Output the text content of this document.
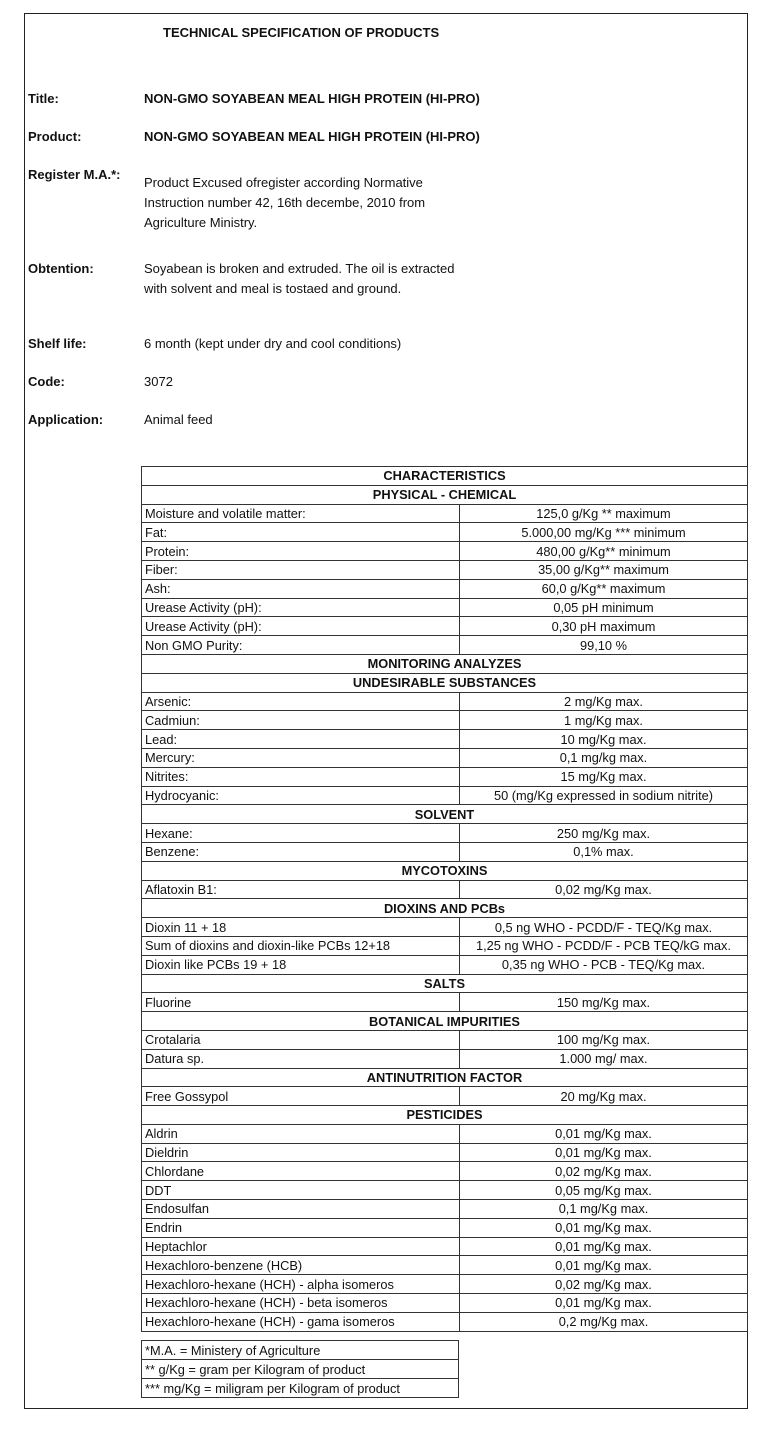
TECHNICAL SPECIFICATION OF PRODUCTS
Title:	NON-GMO SOYABEAN MEAL HIGH PROTEIN (HI-PRO)
Product:	NON-GMO SOYABEAN MEAL HIGH PROTEIN (HI-PRO)
Register M.A.*:
Product Excused ofregister according Normative
Instruction number 42, 16th decembe, 2010 from
Agriculture Ministry.
Obtention:	Soyabean is broken and extruded. The oil is extracted
with solvent and meal is tostaed and ground.
Shelf life:	6 month (kept under dry and cool conditions)
Code:	3072
Application:	Animal feed
CHARACTERISTICS	
PHYSICAL - CHEMICAL	
Moisture and volatile matter:	125,0 g/Kg ** maximum
Fat:	5.000,00 mg/Kg *** minimum
Protein:	480,00 g/Kg** minimum
Fiber:	35,00 g/Kg** maximum
Ash:	60,0 g/Kg** maximum
Urease Activity (pH):	0,05 pH minimum
Urease Activity (pH):	0,30 pH maximum
Non GMO Purity:	99,10 %
MONITORING ANALYZES	
UNDESIRABLE SUBSTANCES	
Arsenic:	2 mg/Kg max.
Cadmiun:	1 mg/Kg max.
Lead:	10 mg/Kg max.
Mercury:	0,1 mg/kg max.
Nitrites:	15 mg/Kg max.
Hydrocyanic:	50 (mg/Kg expressed in sodium nitrite)
SOLVENT	
Hexane:	250 mg/Kg max.
Benzene:	0,1% max.
MYCOTOXINS	
Aflatoxin B1:	0,02 mg/Kg max.
DIOXINS AND PCBs	
Dioxin 11 + 18	0,5 ng WHO - PCDD/F - TEQ/Kg max.
Sum of dioxins and dioxin-like PCBs 12+18	1,25 ng WHO - PCDD/F - PCB TEQ/kG max.
Dioxin like PCBs 19 + 18	0,35 ng WHO - PCB - TEQ/Kg max.
SALTS	
Fluorine	150 mg/Kg max.
BOTANICAL IMPURITIES	
Crotalaria	100 mg/Kg max.
Datura sp.	1.000 mg/ max.
ANTINUTRITION FACTOR	
Free Gossypol	20 mg/Kg max.
PESTICIDES	
Aldrin	0,01 mg/Kg max.
Dieldrin	0,01 mg/Kg max.
Chlordane	0,02 mg/Kg max.
DDT	0,05 mg/Kg max.
Endosulfan	0,1 mg/Kg max.
Endrin	0,01 mg/Kg max.
Heptachlor	0,01 mg/Kg max.
Hexachloro-benzene (HCB)	0,01 mg/Kg max.
Hexachloro-hexane (HCH) - alpha isomeros	0,02 mg/Kg max.
Hexachloro-hexane (HCH) - beta isomeros	0,01 mg/Kg max.
Hexachloro-hexane (HCH) - gama isomeros	0,2 mg/Kg max.
*M.A. = Ministery of Agriculture
** g/Kg = gram per Kilogram of product
*** mg/Kg = miligram per Kilogram of product
